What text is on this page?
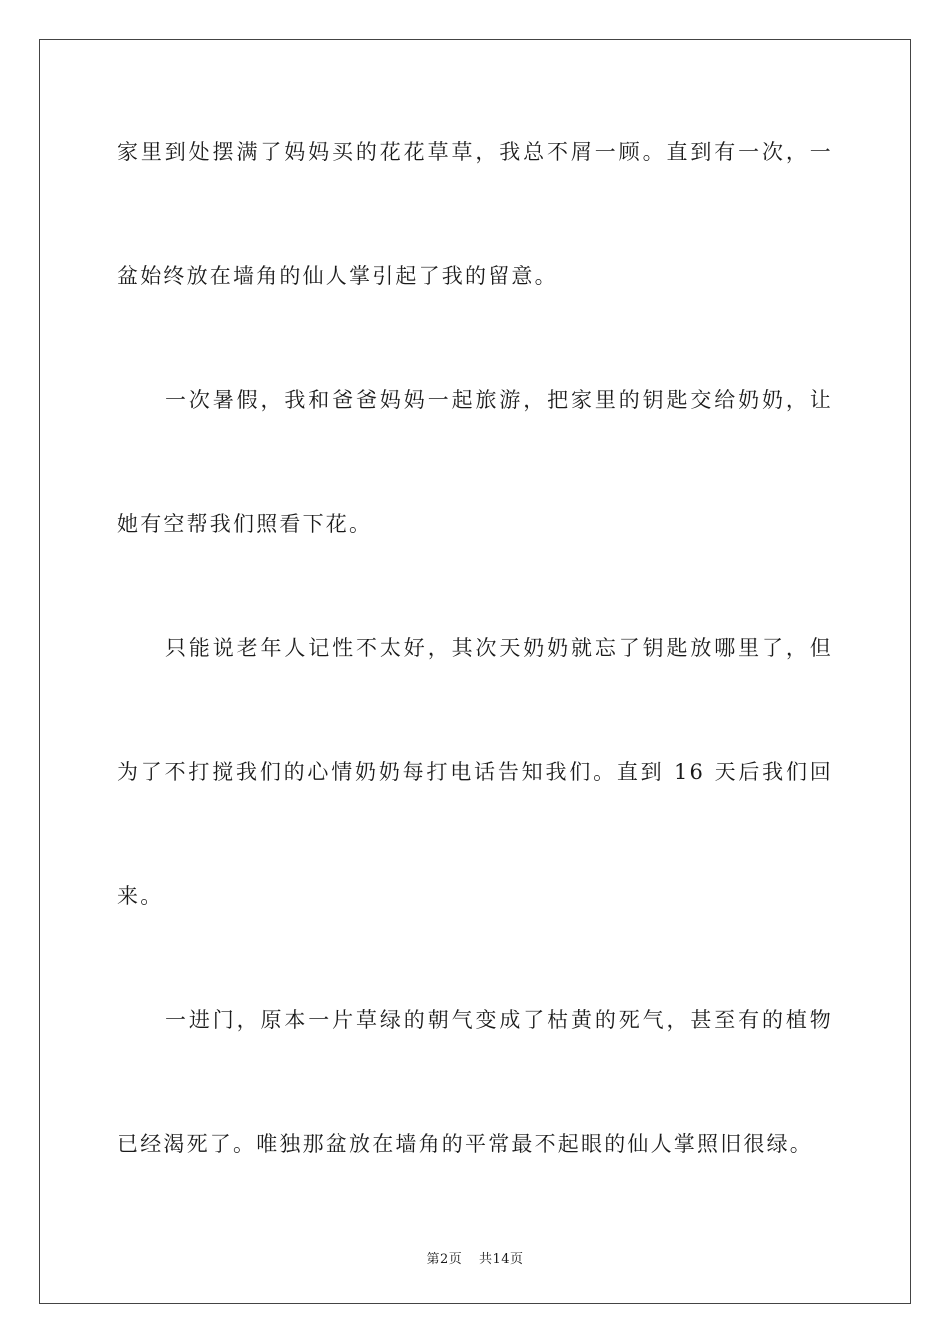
家里到处摆满了妈妈买的花花草草，我总不屑一顾。直到有一次，一
盆始终放在墙角的仙人掌引起了我的留意。
一次暑假，我和爸爸妈妈一起旅游，把家里的钥匙交给奶奶，让
她有空帮我们照看下花。
只能说老年人记性不太好，其次天奶奶就忘了钥匙放哪里了，但
为了不打搅我们的心情奶奶每打电话告知我们。直到 16 天后我们回
来。
一进门，原本一片草绿的朝气变成了枯黄的死气，甚至有的植物
已经渴死了。唯独那盆放在墙角的平常最不起眼的仙人掌照旧很绿。
第2页 共14页
